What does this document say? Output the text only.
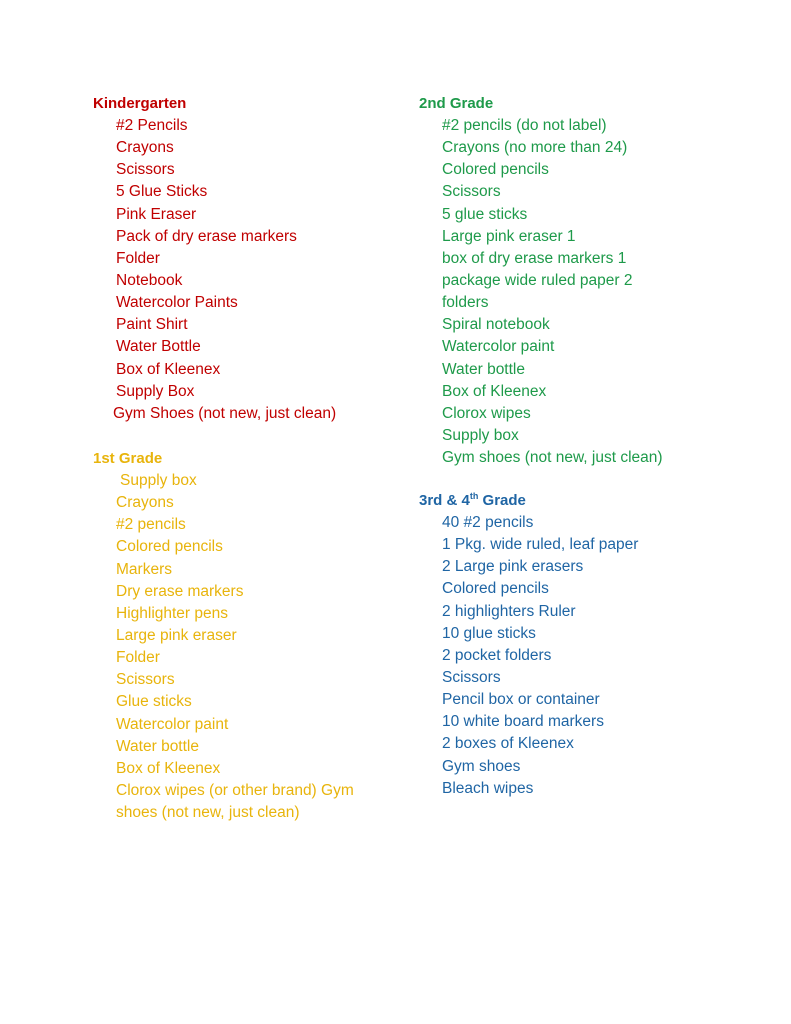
Kindergarten
#2 Pencils
Crayons
Scissors
5 Glue Sticks
Pink Eraser
Pack of dry erase markers
Folder
Notebook
Watercolor Paints
Paint Shirt
Water Bottle
Box of Kleenex
Supply Box
Gym Shoes (not new, just clean)
1st Grade
Supply box
Crayons
#2 pencils
Colored pencils
Markers
Dry erase markers
Highlighter pens
Large pink eraser
Folder
Scissors
Glue sticks
Watercolor paint
Water bottle
Box of Kleenex
Clorox wipes (or other brand) Gym
shoes (not new, just clean)
2nd Grade
#2 pencils (do not label)
Crayons (no more than 24)
Colored pencils
Scissors
5 glue sticks
Large pink eraser 1
box of dry erase markers 1
package wide ruled paper 2
folders
Spiral notebook
Watercolor paint
Water bottle
Box of Kleenex
Clorox wipes
Supply box
Gym shoes (not new, just clean)
3rd & 4th Grade
40 #2 pencils
1 Pkg. wide ruled, leaf paper
2 Large pink erasers
Colored pencils
2 highlighters Ruler
10 glue sticks
2 pocket folders
Scissors
Pencil box or container
10 white board markers
2 boxes of Kleenex
Gym shoes
Bleach wipes
